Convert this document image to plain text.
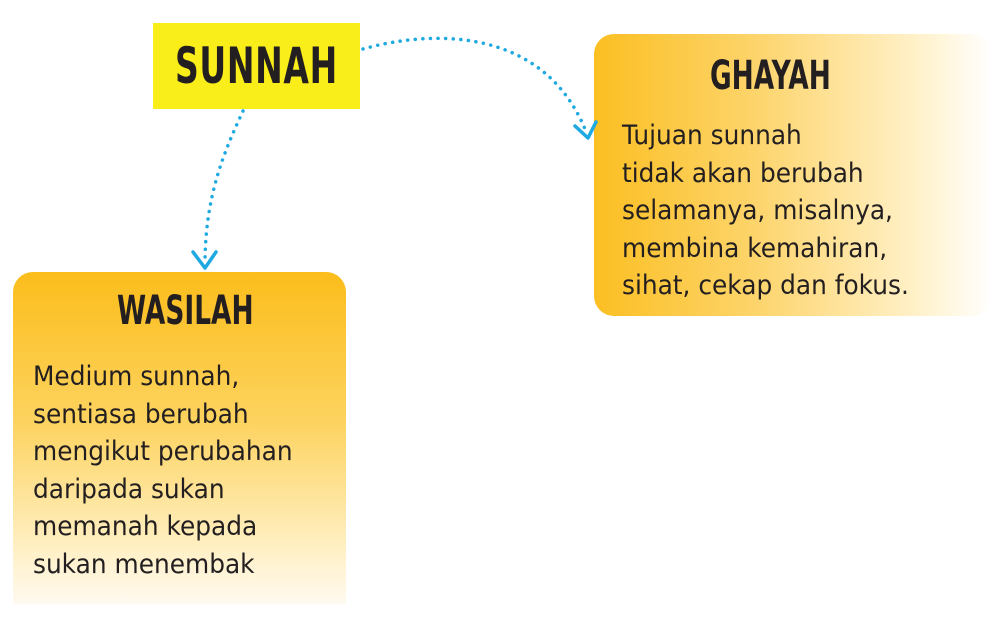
SUNNAH
WASILAH
Medium sunnah,
sentiasa berubah
mengikut perubahan
daripada sukan
memanah kepada
sukan menembak
GHAYAH
Tujuan sunnah
tidak akan berubah
selamanya, misalnya,
membina kemahiran,
sihat, cekap dan fokus.
